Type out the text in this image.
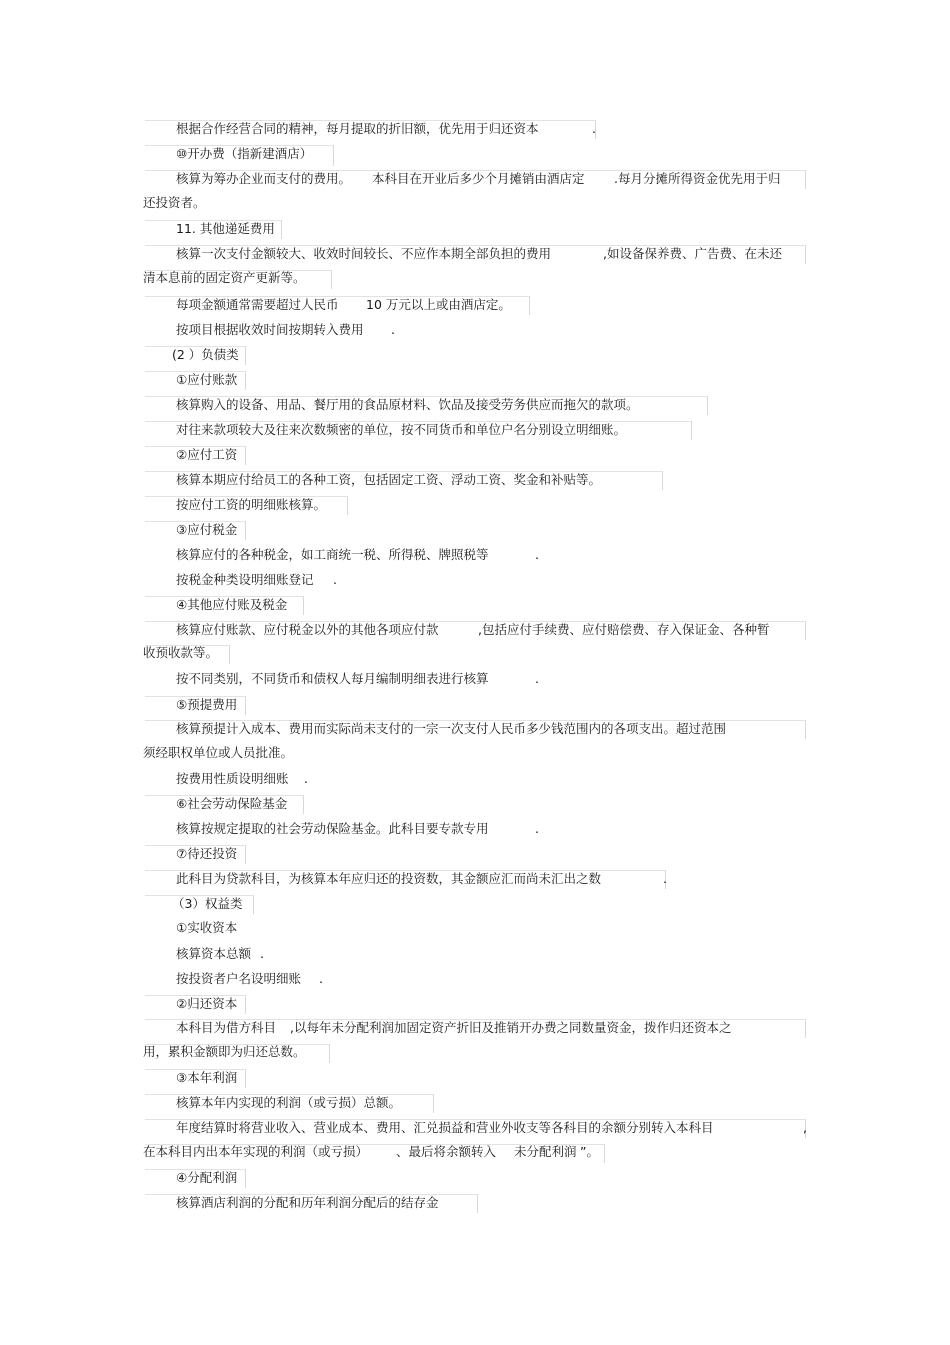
根据合作经营合同的精神，每月提取的折旧额，优先用于归还资本	.
⑩开办费（指新建酒店）
核算为筹办企业而支付的费用。 本科目在开业后多少个月摊销由酒店定 .每月分摊所得资金优先用于归
还投资者。
11. 其他递延费用
核算一次支付金额较大、收效时间较长、不应作本期全部负担的费用	,如设备保养费、广告费、在未还
清本息前的固定资产更新等。
每项金额通常需要超过人民币 10 万元以上或由酒店定。
按项目根据收效时间按期转入费用 .
(2 ）负债类
①应付账款
核算购入的设备、用品、餐厅用的食品原材料、饮品及接受劳务供应而拖欠的款项。
对往来款项较大及往来次数频密的单位，按不同货币和单位户名分别设立明细账。
②应付工资
核算本期应付给员工的各种工资，包括固定工资、浮动工资、奖金和补贴等。
按应付工资的明细账核算。
③应付税金
核算应付的各种税金，如工商统一税、所得税、牌照税等	.
按税金种类设明细账登记 .
④其他应付账及税金
核算应付账款、应付税金以外的其他各项应付款	,包括应付手续费、应付赔偿费、存入保证金、各种暂
收预收款等。
按不同类别，不同货币和债权人每月编制明细表进行核算	.
⑤预提费用
核算预提计入成本、费用而实际尚未支付的一宗一次支付人民币多少钱范围内的各项支出。超过范围
须经职权单位或人员批准。
按费用性质设明细账 .
⑥社会劳动保险基金
核算按规定提取的社会劳动保险基金。此科目要专款专用	.
⑦待还投资
此科目为贷款科目，为核算本年应归还的投资数，其金额应汇而尚未汇出之数	.
（3）权益类
①实收资本
核算资本总额 .
按投资者户名设明细账 .
②归还资本
本科目为借方科目 ,以每年未分配利润加固定资产折旧及推销开办费之同数量资金，拨作归还资本之
用，累积金额即为归还总数。
③本年利润
核算本年内实现的利润（或亏损）总额。
年度结算时将营业收入、营业成本、费用、汇兑损益和营业外收支等各科目的余额分别转入本科目	,
在本科目内出本年实现的利润（或亏损） 、最后将余额转入 未分配利润 ”。
④分配利润
核算酒店利润的分配和历年利润分配后的结存金
